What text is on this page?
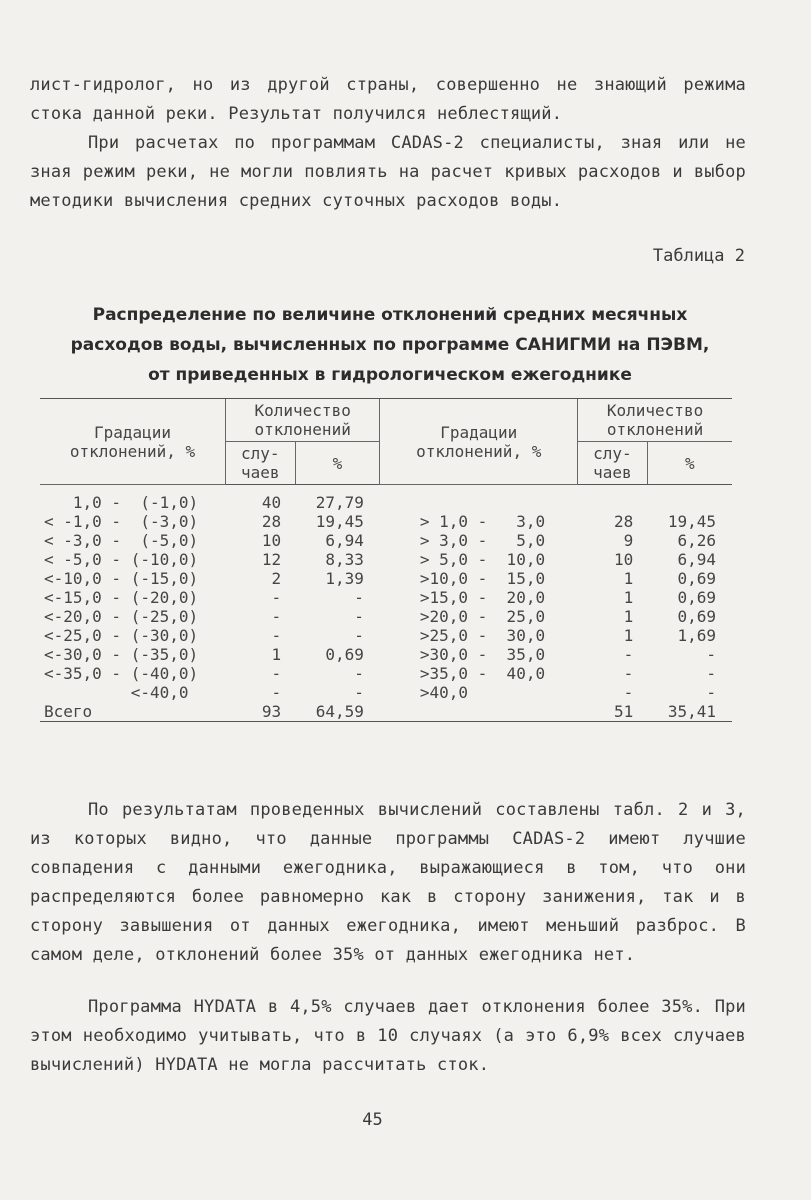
лист-гидролог, но из другой страны, совершенно не знающий режима стока данной реки. Результат получился неблестящий.
При расчетах по программам CADAS-2 специалисты, зная или не зная режим реки, не могли повлиять на расчет кривых расходов и выбор методики вычисления средних суточных расходов воды.

Таблица 2
Распределение по величине отклонений средних месячных
расходов воды, вычисленных по программе САНИГМИ на ПЭВМ,
от приведенных в гидрологическом ежегоднике
Градации отклонений, %	Количество отклонений		Градации отклонений, %	Количество отклонений	
	слу- чаев	%		слу- чаев	%
1,0 -  (-1,0)	40	27,79			
< -1,0 -  (-3,0)	28	19,45	> 1,0 -   3,0	28	19,45
< -3,0 -  (-5,0)	10	6,94	> 3,0 -   5,0	9	6,26
< -5,0 - (-10,0)	12	8,33	> 5,0 -  10,0	10	6,94
<-10,0 - (-15,0)	2	1,39	>10,0 -  15,0	1	0,69
<-15,0 - (-20,0)	-	-	>15,0 -  20,0	1	0,69
<-20,0 - (-25,0)	-	-	>20,0 -  25,0	1	0,69
<-25,0 - (-30,0)	-	-	>25,0 -  30,0	1	1,69
<-30,0 - (-35,0)	1	0,69	>30,0 -  35,0	-	-
<-35,0 - (-40,0)	-	-	>35,0 -  40,0	-	-
<-40,0	-	-	>40,0	-	-
Всего	93	64,59		51	35,41

По результатам проведенных вычислений составлены табл. 2 и 3, из которых видно, что данные программы CADAS-2 имеют лучшие совпадения с данными ежегодника, выражающиеся в том, что они распределяются более равномерно как в сторону занижения, так и в сторону завышения от данных ежегодника, имеют меньший разброс. В самом деле, отклонений более 35% от данных ежегодника нет.

Программа HYDATA в 4,5% случаев дает отклонения более 35%. При этом необходимо учитывать, что в 10 случаях (а это 6,9% всех случаев вычислений) HYDATA не могла рассчитать сток.

45
